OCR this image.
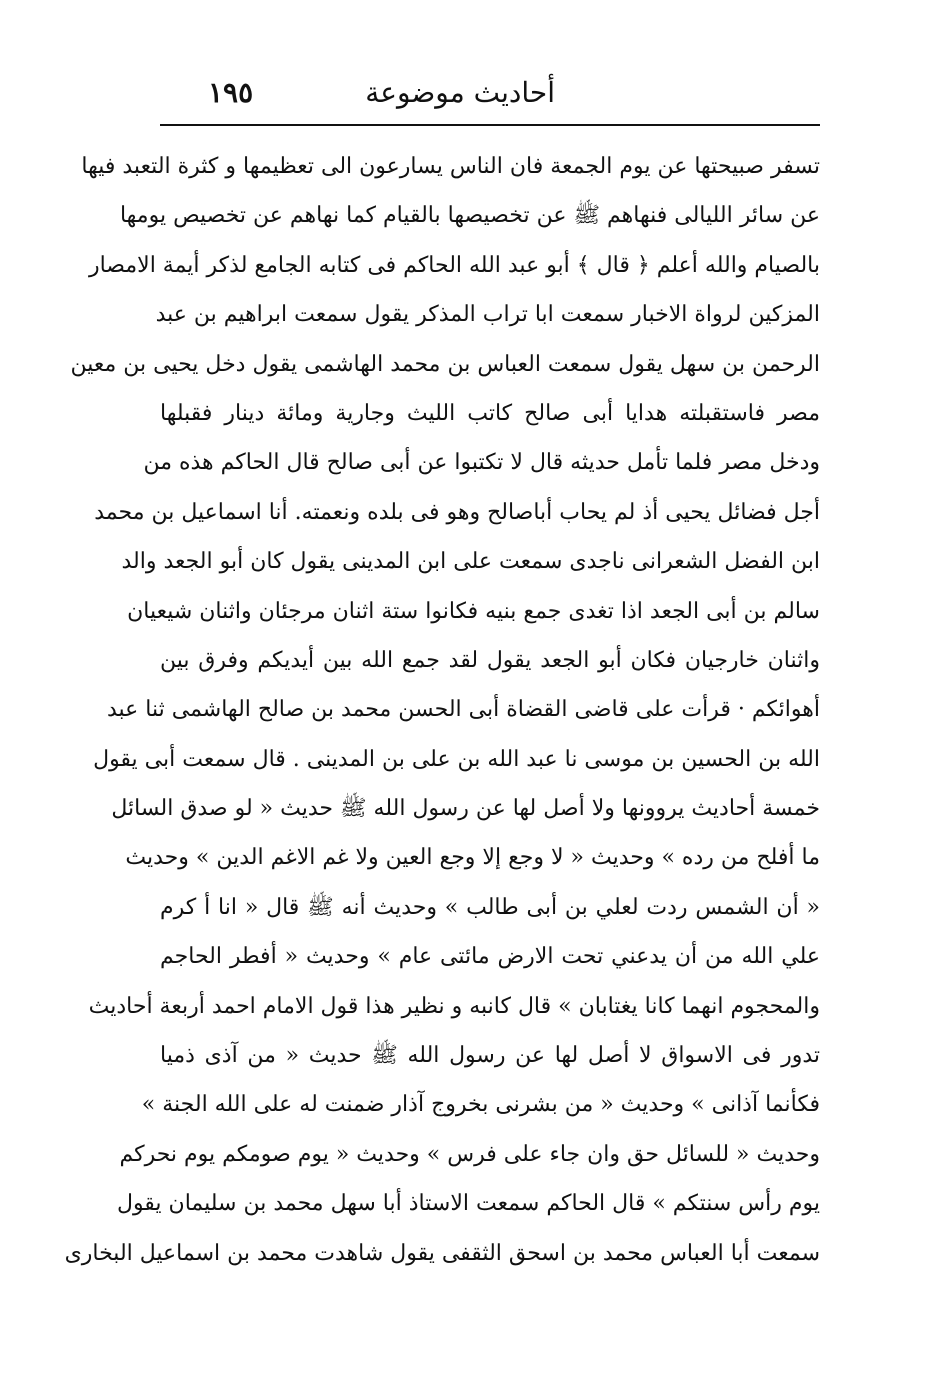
أحاديث موضوعة
١٩٥
تسفر صبيحتها عن يوم الجمعة فان الناس يسارعون الى تعظيمها و كثرة التعبد فيها
عن سائر الليالى فنهاهم ﷺ عن تخصيصها بالقيام كما نهاهم عن تخصيص يومها
بالصيام والله أعلم ﴿ قال ﴾ أبو عبد الله الحاكم فى كتابه الجامع لذكر أيمة الامصار
المزكين لرواة الاخبار سمعت ابا تراب المذكر يقول سمعت ابراهيم بن عبد
الرحمن بن سهل يقول سمعت العباس بن محمد الهاشمى يقول دخل يحيى بن معين
مصر فاستقبلته هدايا أبى صالح كاتب الليث وجارية ومائة دينار فقبلها
ودخل مصر فلما تأمل حديثه قال لا تكتبوا عن أبى صالح قال الحاكم هذه من
أجل فضائل يحيى أذ لم يحاب أباصالح وهو فى بلده ونعمته. أنا اسماعيل بن محمد
ابن الفضل الشعرانى ناجدى سمعت على ابن المدينى يقول كان أبو الجعد والد
سالم بن أبى الجعد اذا تغدى جمع بنيه فكانوا ستة اثنان مرجئان واثنان شيعيان
واثنان خارجيان فكان أبو الجعد يقول لقد جمع الله بين أيديكم وفرق بين
أهوائكم · قرأت على قاضى القضاة أبى الحسن محمد بن صالح الهاشمى ثنا عبد
الله بن الحسين بن موسى نا عبد الله بن على بن المدينى . قال سمعت أبى يقول
خمسة أحاديث يروونها ولا أصل لها عن رسول الله ﷺ حديث « لو صدق السائل
ما أفلح من رده » وحديث « لا وجع إلا وجع العين ولا غم الاغم الدين » وحديث
« أن الشمس ردت لعلي بن أبى طالب » وحديث أنه ﷺ قال « انا أ كرم
علي الله من أن يدعني تحت الارض مائتى عام » وحديث « أفطر الحاجم
والمحجوم انهما كانا يغتابان » قال كانبه و نظير هذا قول الامام احمد أربعة أحاديث
تدور فى الاسواق لا أصل لها عن رسول الله ﷺ حديث « من آذى ذميا
فكأنما آذانى » وحديث « من بشرنى بخروج آذار ضمنت له على الله الجنة »
وحديث « للسائل حق وان جاء على فرس » وحديث « يوم صومكم يوم نحركم
يوم رأس سنتكم » قال الحاكم سمعت الاستاذ أبا سهل محمد بن سليمان يقول
سمعت أبا العباس محمد بن اسحق الثقفى يقول شاهدت محمد بن اسماعيل البخارى
